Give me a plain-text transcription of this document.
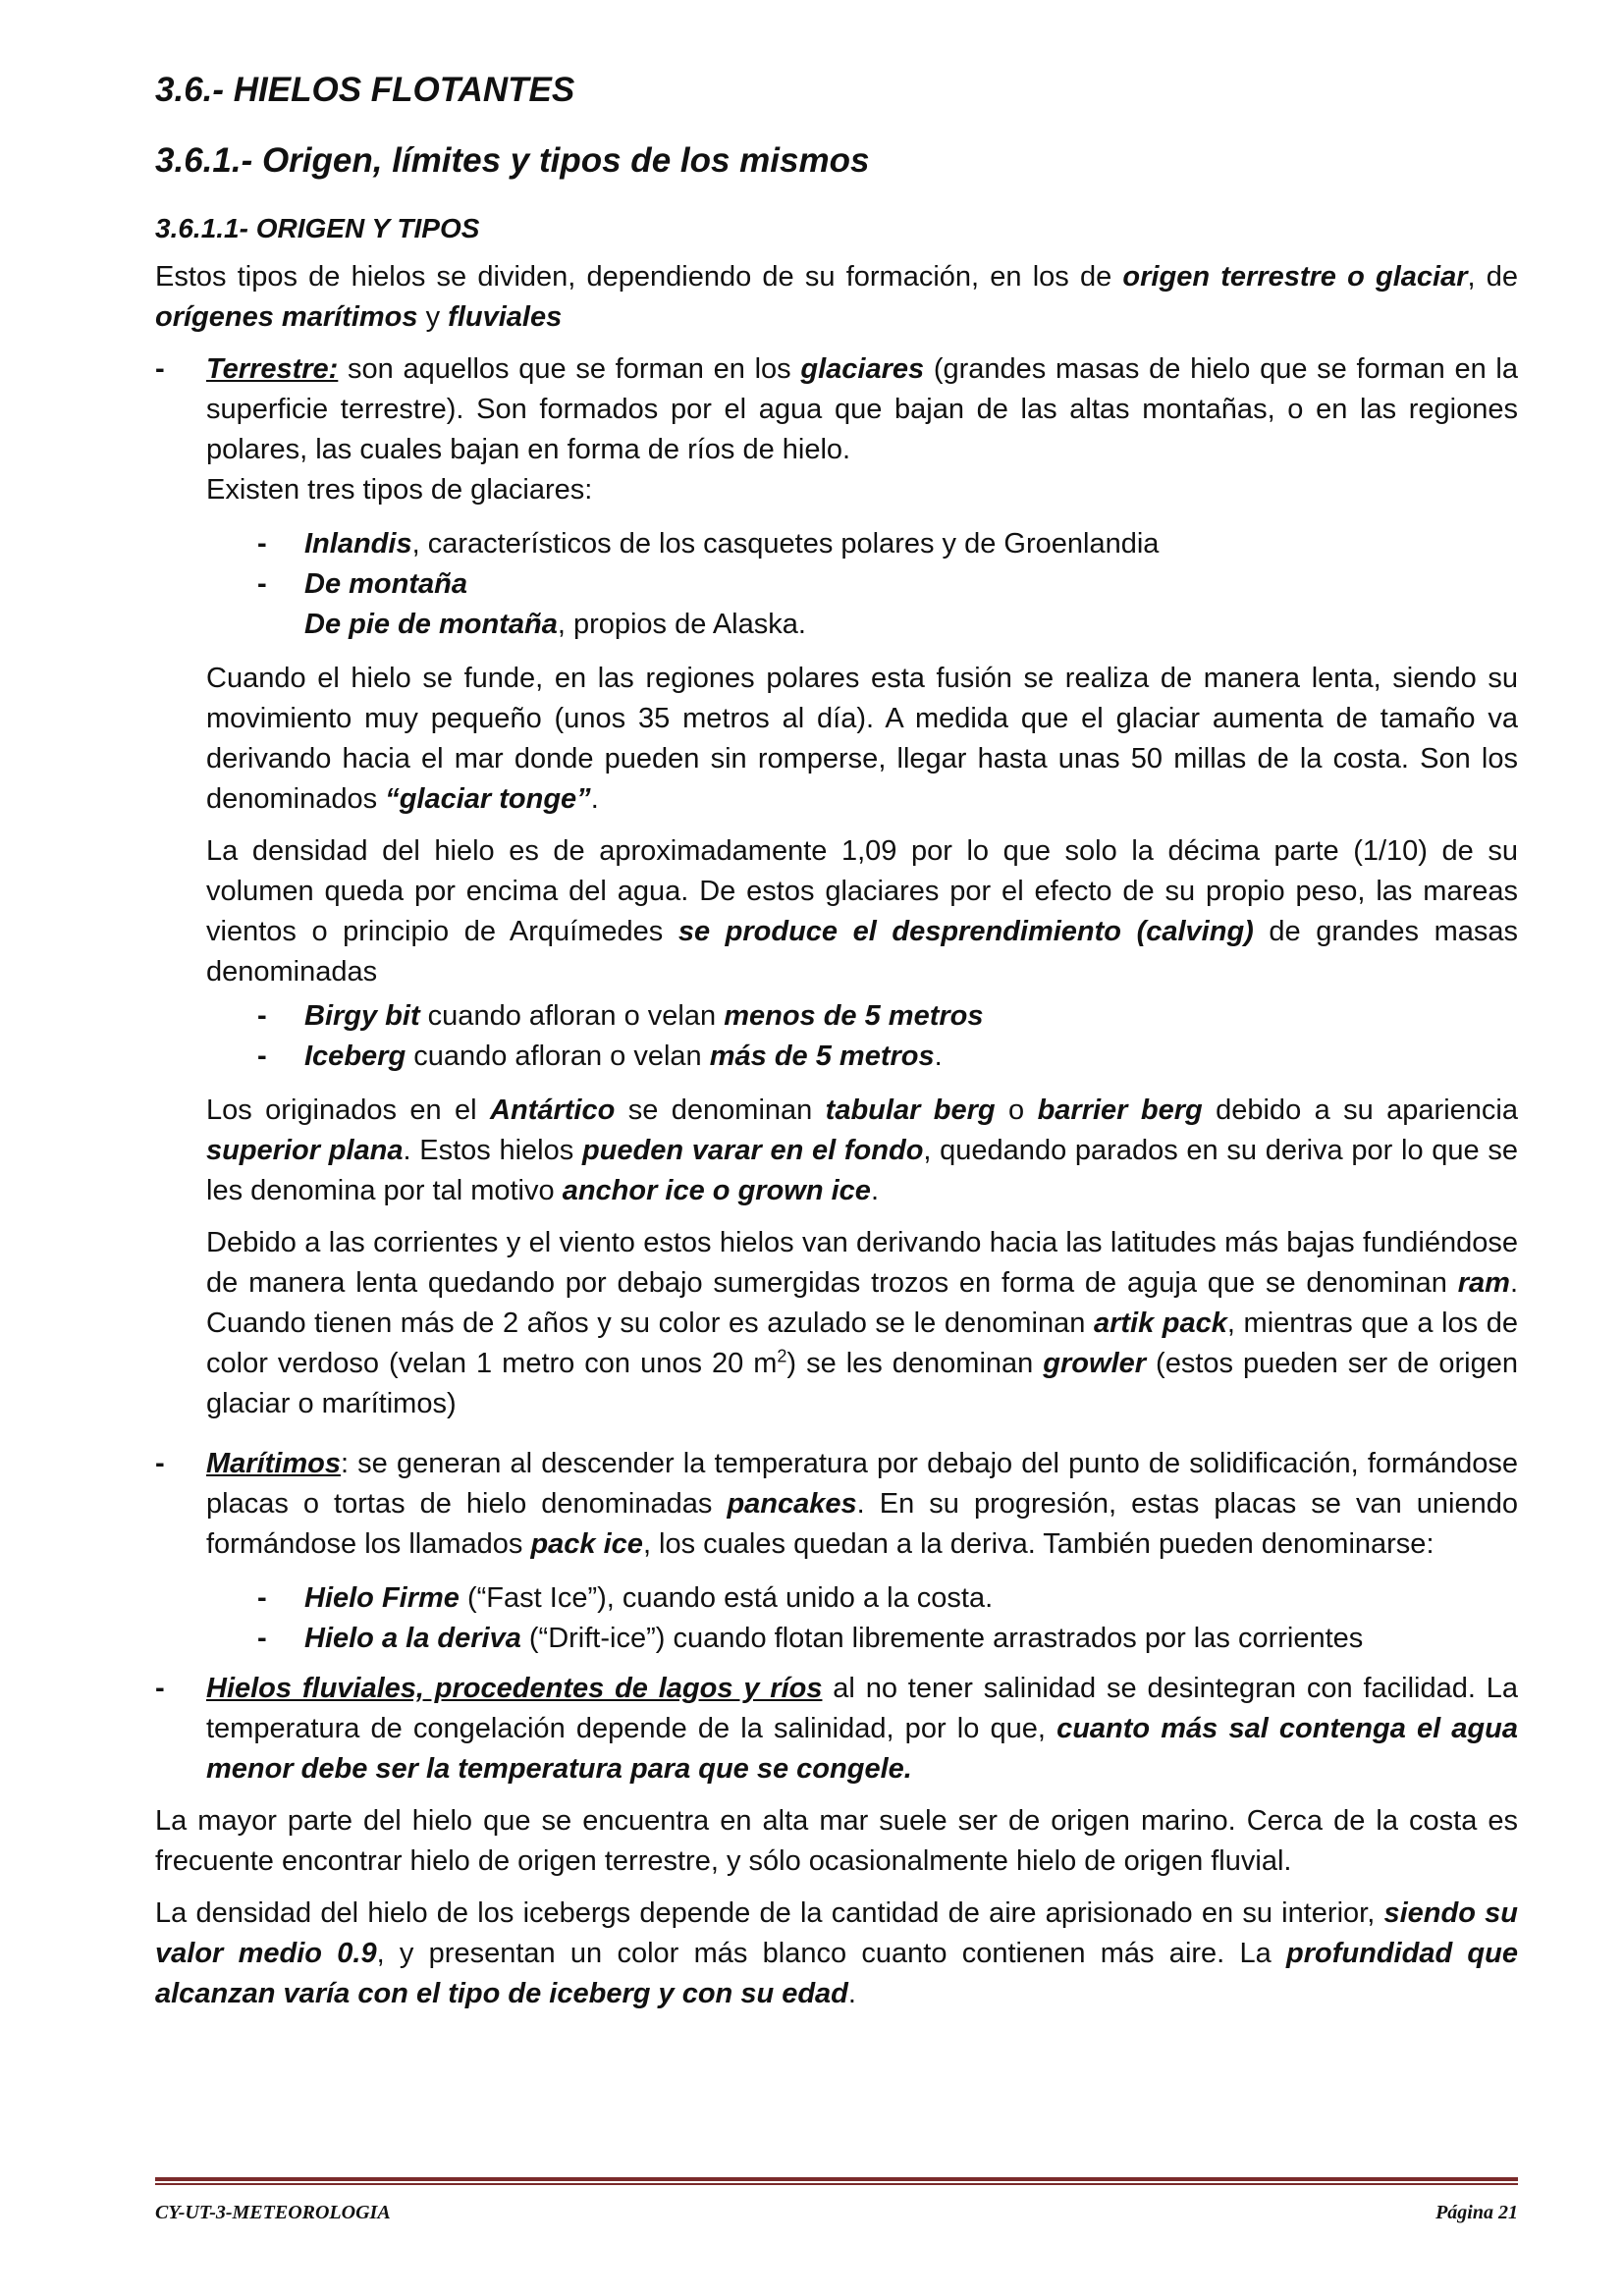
3.6.- HIELOS FLOTANTES
3.6.1.- Origen, límites y tipos de los mismos
3.6.1.1- ORIGEN Y TIPOS

Estos tipos de hielos se dividen, dependiendo de su formación, en los de origen terrestre o glaciar, de orígenes marítimos y fluviales

- Terrestre: son aquellos que se forman en los glaciares (grandes masas de hielo que se forman en la superficie terrestre). Son formados por el agua que bajan de las altas montañas, o en las regiones polares, las cuales bajan en forma de ríos de hielo.
Existen tres tipos de glaciares:
- Inlandis, característicos de los casquetes polares y de Groenlandia
- De montaña
De pie de montaña, propios de Alaska.

Cuando el hielo se funde, en las regiones polares esta fusión se realiza de manera lenta, siendo su movimiento muy pequeño (unos 35 metros al día). A medida que el glaciar aumenta de tamaño va derivando hacia el mar donde pueden sin romperse, llegar hasta unas 50 millas de la costa. Son los denominados “glaciar tonge”.

La densidad del hielo es de aproximadamente 1,09 por lo que solo la décima parte (1/10) de su volumen queda por encima del agua. De estos glaciares por el efecto de su propio peso, las mareas vientos o principio de Arquímedes se produce el desprendimiento (calving) de grandes masas denominadas

- Birgy bit cuando afloran o velan menos de 5 metros
- Iceberg cuando afloran o velan más de 5 metros.

Los originados en el Antártico se denominan tabular berg o barrier berg debido a su apariencia superior plana. Estos hielos pueden varar en el fondo, quedando parados en su deriva por lo que se les denomina por tal motivo anchor ice o grown ice.

Debido a las corrientes y el viento estos hielos van derivando hacia las latitudes más bajas fundiéndose de manera lenta quedando por debajo sumergidas trozos en forma de aguja que se denominan ram. Cuando tienen más de 2 años y su color es azulado se le denominan artik pack, mientras que a los de color verdoso (velan 1 metro con unos 20 $m^2$) se les denominan growler (estos pueden ser de origen glaciar o marítimos)

- Marítimos: se generan al descender la temperatura por debajo del punto de solidificación, formándose placas o tortas de hielo denominadas pancakes. En su progresión, estas placas se van uniendo formándose los llamados pack ice, los cuales quedan a la deriva. También pueden denominarse:
- Hielo Firme (“Fast Ice”), cuando está unido a la costa.
- Hielo a la deriva (“Drift-ice”) cuando flotan libremente arrastrados por las corrientes
- Hielos fluviales, procedentes de lagos y ríos al no tener salinidad se desintegran con facilidad. La temperatura de congelación depende de la salinidad, por lo que, cuanto más sal contenga el agua menor debe ser la temperatura para que se congele.

La mayor parte del hielo que se encuentra en alta mar suele ser de origen marino. Cerca de la costa es frecuente encontrar hielo de origen terrestre, y sólo ocasionalmente hielo de origen fluvial.

La densidad del hielo de los icebergs depende de la cantidad de aire aprisionado en su interior, siendo su valor medio 0.9, y presentan un color más blanco cuanto contienen más aire. La profundidad que alcanzan varía con el tipo de iceberg y con su edad.

CY-UT-3-METEOROLOGIA	Página 21
